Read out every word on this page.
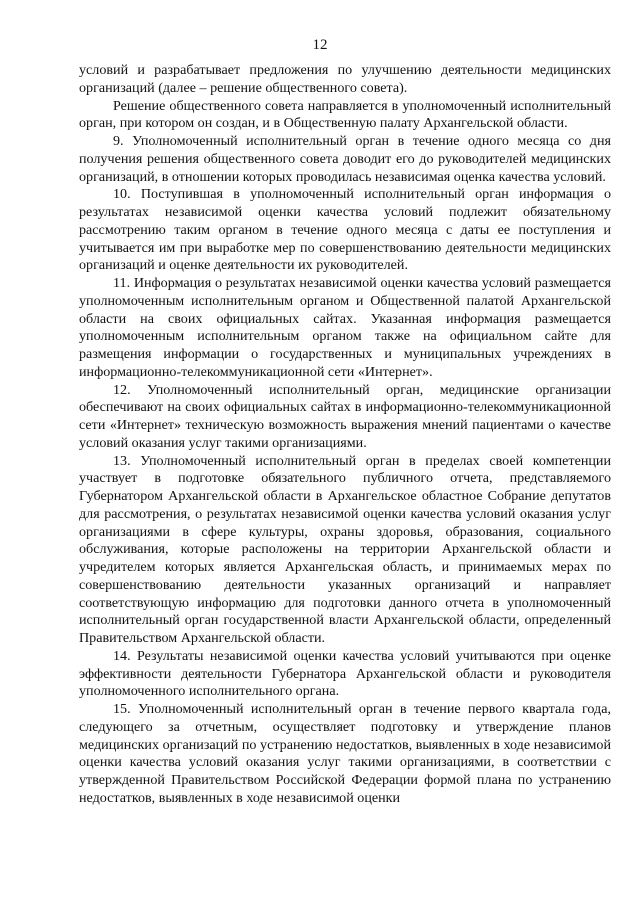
12

условий и разрабатывает предложения по улучшению деятельности медицинских организаций (далее – решение общественного совета).

Решение общественного совета направляется в уполномоченный исполнительный орган, при котором он создан, и в Общественную палату Архангельской области.

9. Уполномоченный исполнительный орган в течение одного месяца со дня получения решения общественного совета доводит его до руководителей медицинских организаций, в отношении которых проводилась независимая оценка качества условий.

10. Поступившая в уполномоченный исполнительный орган информация о результатах независимой оценки качества условий подлежит обязательному рассмотрению таким органом в течение одного месяца с даты ее поступления и учитывается им при выработке мер по совершенствованию деятельности медицинских организаций и оценке деятельности их руководителей.

11. Информация о результатах независимой оценки качества условий размещается уполномоченным исполнительным органом и Общественной палатой Архангельской области на своих официальных сайтах. Указанная информация размещается уполномоченным исполнительным органом также на официальном сайте для размещения информации о государственных и муниципальных учреждениях в информационно-телекоммуникационной сети «Интернет».

12. Уполномоченный исполнительный орган, медицинские организации обеспечивают на своих официальных сайтах в информационно-телекоммуникационной сети «Интернет» техническую возможность выражения мнений пациентами о качестве условий оказания услуг такими организациями.

13. Уполномоченный исполнительный орган в пределах своей компетенции участвует в подготовке обязательного публичного отчета, представляемого Губернатором Архангельской области в Архангельское областное Собрание депутатов для рассмотрения, о результатах независимой оценки качества условий оказания услуг организациями в сфере культуры, охраны здоровья, образования, социального обслуживания, которые расположены на территории Архангельской области и учредителем которых является Архангельская область, и принимаемых мерах по совершенствованию деятельности указанных организаций и направляет соответствующую информацию для подготовки данного отчета в уполномоченный исполнительный орган государственной власти Архангельской области, определенный Правительством Архангельской области.

14. Результаты независимой оценки качества условий учитываются при оценке эффективности деятельности Губернатора Архангельской области и руководителя уполномоченного исполнительного органа.

15. Уполномоченный исполнительный орган в течение первого квартала года, следующего за отчетным, осуществляет подготовку и утверждение планов медицинских организаций по устранению недостатков, выявленных в ходе независимой оценки качества условий оказания услуг такими организациями, в соответствии с утвержденной Правительством Российской Федерации формой плана по устранению недостатков, выявленных в ходе независимой оценки
